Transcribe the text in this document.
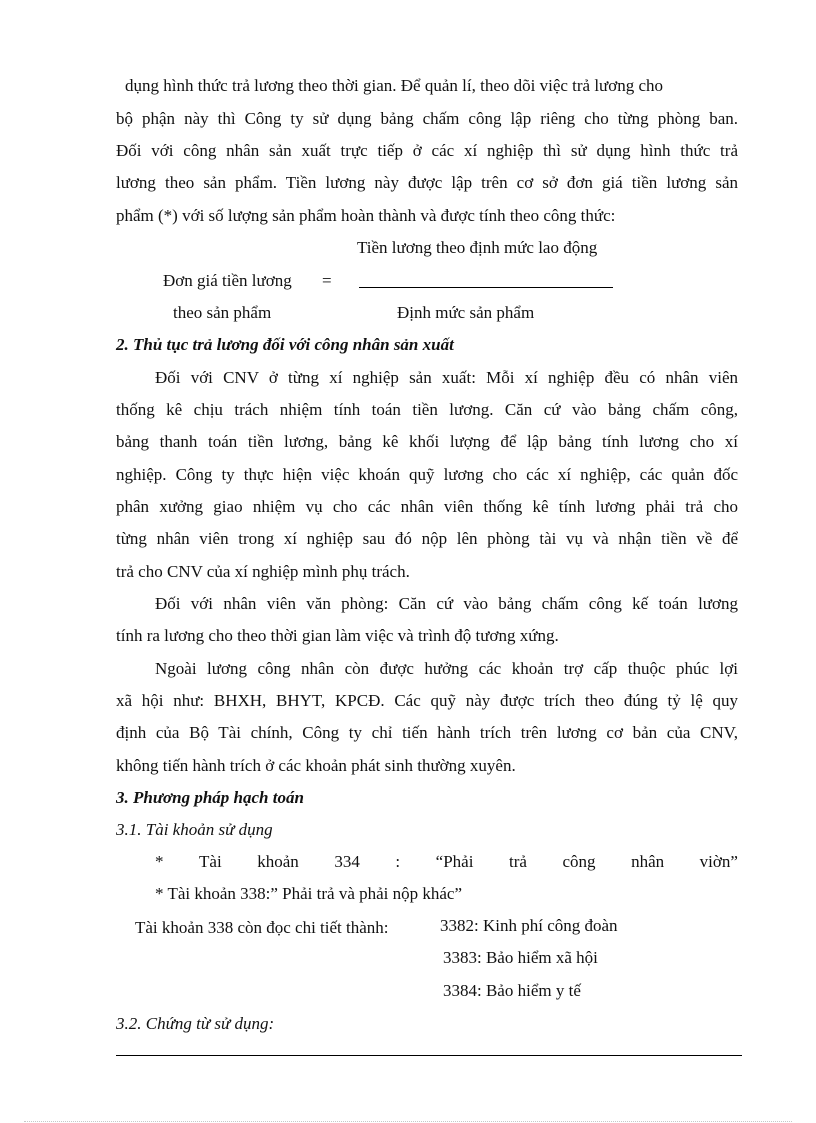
dụng hình thức trả lương theo thời gian. Để quản lí, theo dõi việc trả lương cho
bộ phận này thì Công ty sử dụng bảng chấm công lập riêng cho từng phòng ban.
Đối với công nhân sản xuất trực tiếp ở các xí nghiệp thì sử dụng hình thức trả
lương theo sản phẩm. Tiền lương này được lập trên cơ sở đơn giá tiền lương sản
phẩm (*) với số lượng sản phẩm hoàn thành và được tính theo công thức:
Tiền lương theo định mức lao động
Đơn giá tiền lương =
theo sản phẩm	Định mức sản phẩm
2. Thủ tục trả lương đối với công nhân sản xuất
Đối với CNV ở từng xí nghiệp sản xuất: Mỗi xí nghiệp đều có nhân viên
thống kê chịu trách nhiệm tính toán tiền lương. Căn cứ vào bảng chấm công,
bảng thanh toán tiền lương, bảng kê khối lượng để lập bảng tính lương cho xí
nghiệp. Công ty thực hiện việc khoán quỹ lương cho các xí nghiệp, các quản đốc
phân xưởng giao nhiệm vụ cho các nhân viên thống kê tính lương phải trả cho
từng nhân viên trong xí nghiệp sau đó nộp lên phòng tài vụ và nhận tiền về để
trả cho CNV của xí nghiệp mình phụ trách.
Đối với nhân viên văn phòng: Căn cứ vào bảng chấm công kế toán lương
tính ra lương cho theo thời gian làm việc và trình độ tương xứng.
Ngoài lương công nhân còn được hưởng các khoản trợ cấp thuộc phúc lợi
xã hội như: BHXH, BHYT, KPCĐ. Các quỹ này được trích theo đúng tỷ lệ quy
định của Bộ Tài chính, Công ty chỉ tiến hành trích trên lương cơ bản của CNV,
không tiến hành trích ở các khoản phát sinh thường xuyên.
3. Phương pháp hạch toán
3.1. Tài khoản sử dụng
* Tài khoản 334 : “Phải trả công nhân viờn”
* Tài khoản 338:” Phải trả và phải nộp khác”
Tài khoản 338 còn đọc chi tiết thành:	3382: Kinh phí công đoàn
3383: Bảo hiểm xã hội
3384: Bảo hiểm y tế
3.2. Chứng từ sử dụng:
